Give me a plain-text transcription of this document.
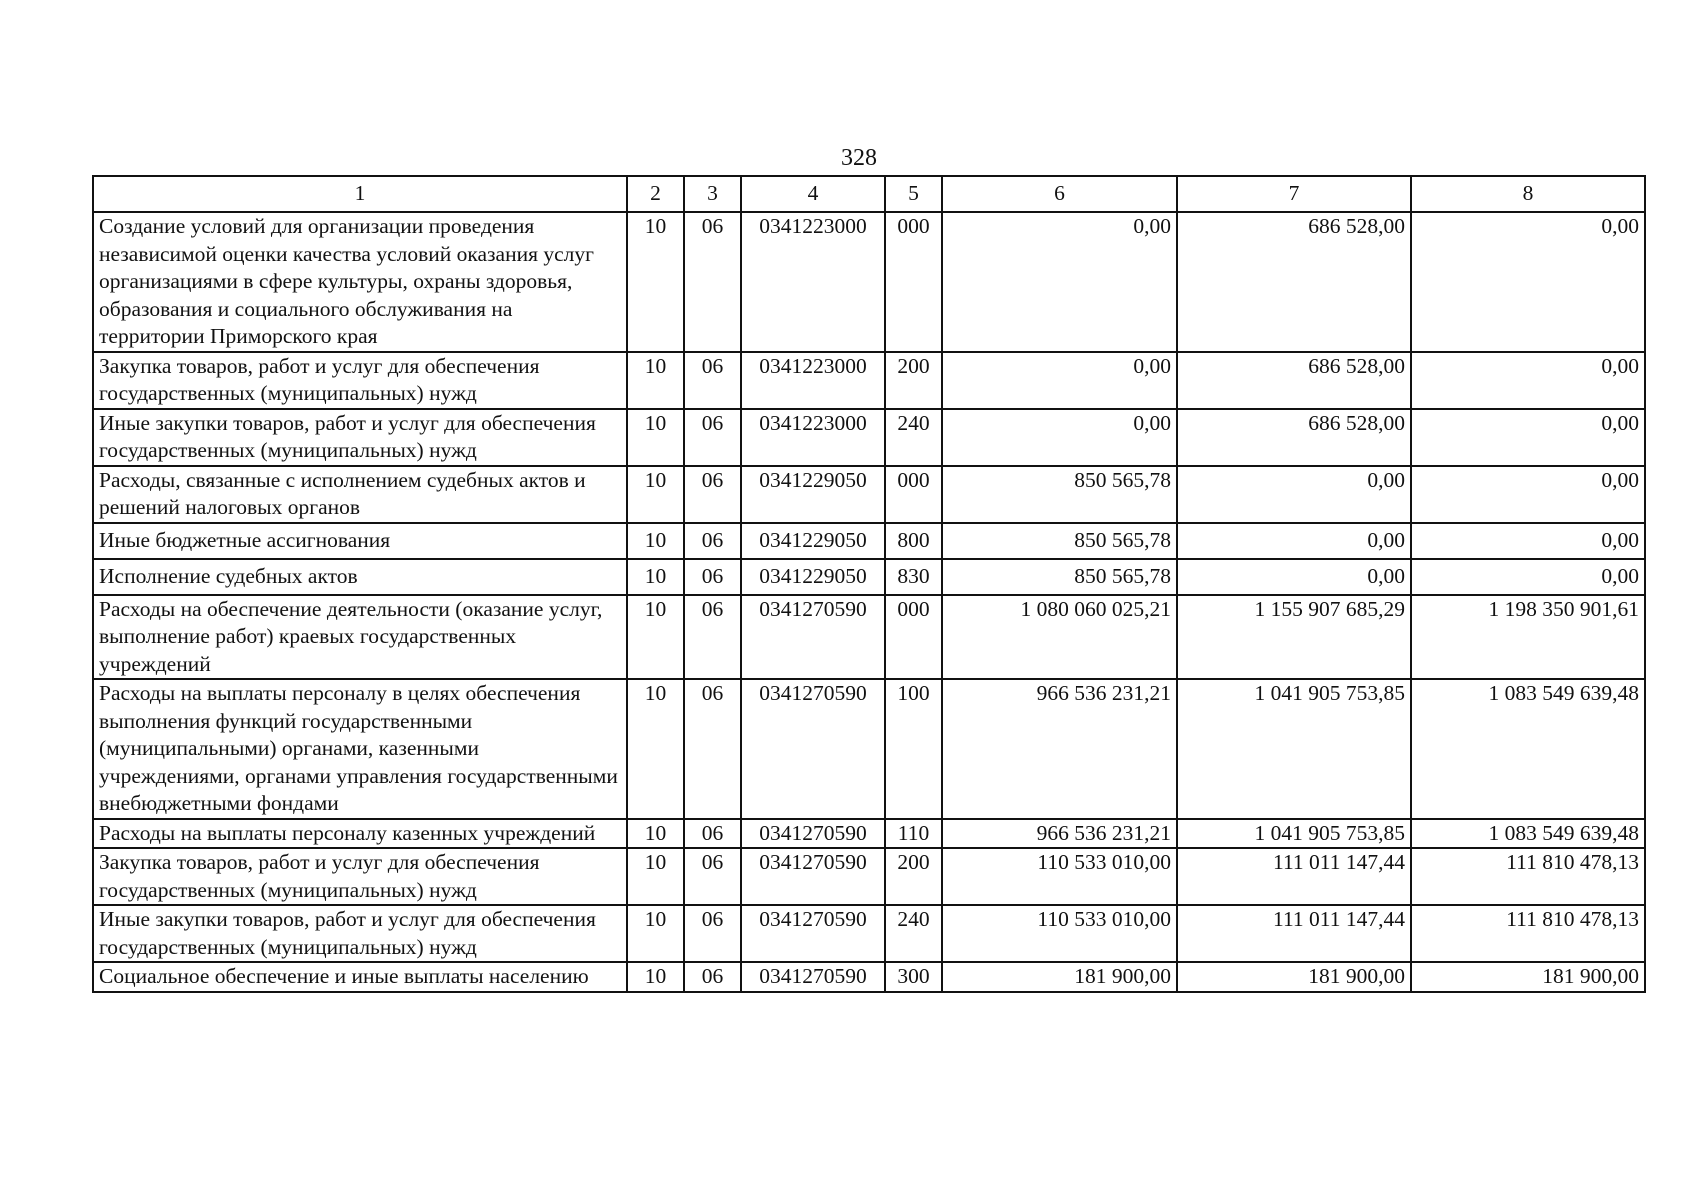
328
1	2	3	4	5	6	7	8
Создание условий для организации проведения независимой оценки качества условий оказания услуг организациями в сфере культуры, охраны здоровья, образования и социального обслуживания на территории Приморского края	10	06	0341223000	000	0,00	686 528,00	0,00
Закупка товаров, работ и услуг для обеспечения государственных (муниципальных) нужд	10	06	0341223000	200	0,00	686 528,00	0,00
Иные закупки товаров, работ и услуг для обеспечения государственных (муниципальных) нужд	10	06	0341223000	240	0,00	686 528,00	0,00
Расходы, связанные с исполнением судебных актов и решений налоговых органов	10	06	0341229050	000	850 565,78	0,00	0,00
Иные бюджетные ассигнования	10	06	0341229050	800	850 565,78	0,00	0,00
Исполнение судебных актов	10	06	0341229050	830	850 565,78	0,00	0,00
Расходы на обеспечение деятельности (оказание услуг, выполнение работ) краевых государственных учреждений	10	06	0341270590	000	1 080 060 025,21	1 155 907 685,29	1 198 350 901,61
Расходы на выплаты персоналу в целях обеспечения выполнения функций государственными (муниципальными) органами, казенными учреждениями, органами управления государственными внебюджетными фондами	10	06	0341270590	100	966 536 231,21	1 041 905 753,85	1 083 549 639,48
Расходы на выплаты персоналу казенных учреждений	10	06	0341270590	110	966 536 231,21	1 041 905 753,85	1 083 549 639,48
Закупка товаров, работ и услуг для обеспечения государственных (муниципальных) нужд	10	06	0341270590	200	110 533 010,00	111 011 147,44	111 810 478,13
Иные закупки товаров, работ и услуг для обеспечения государственных (муниципальных) нужд	10	06	0341270590	240	110 533 010,00	111 011 147,44	111 810 478,13
Социальное обеспечение и иные выплаты населению	10	06	0341270590	300	181 900,00	181 900,00	181 900,00
